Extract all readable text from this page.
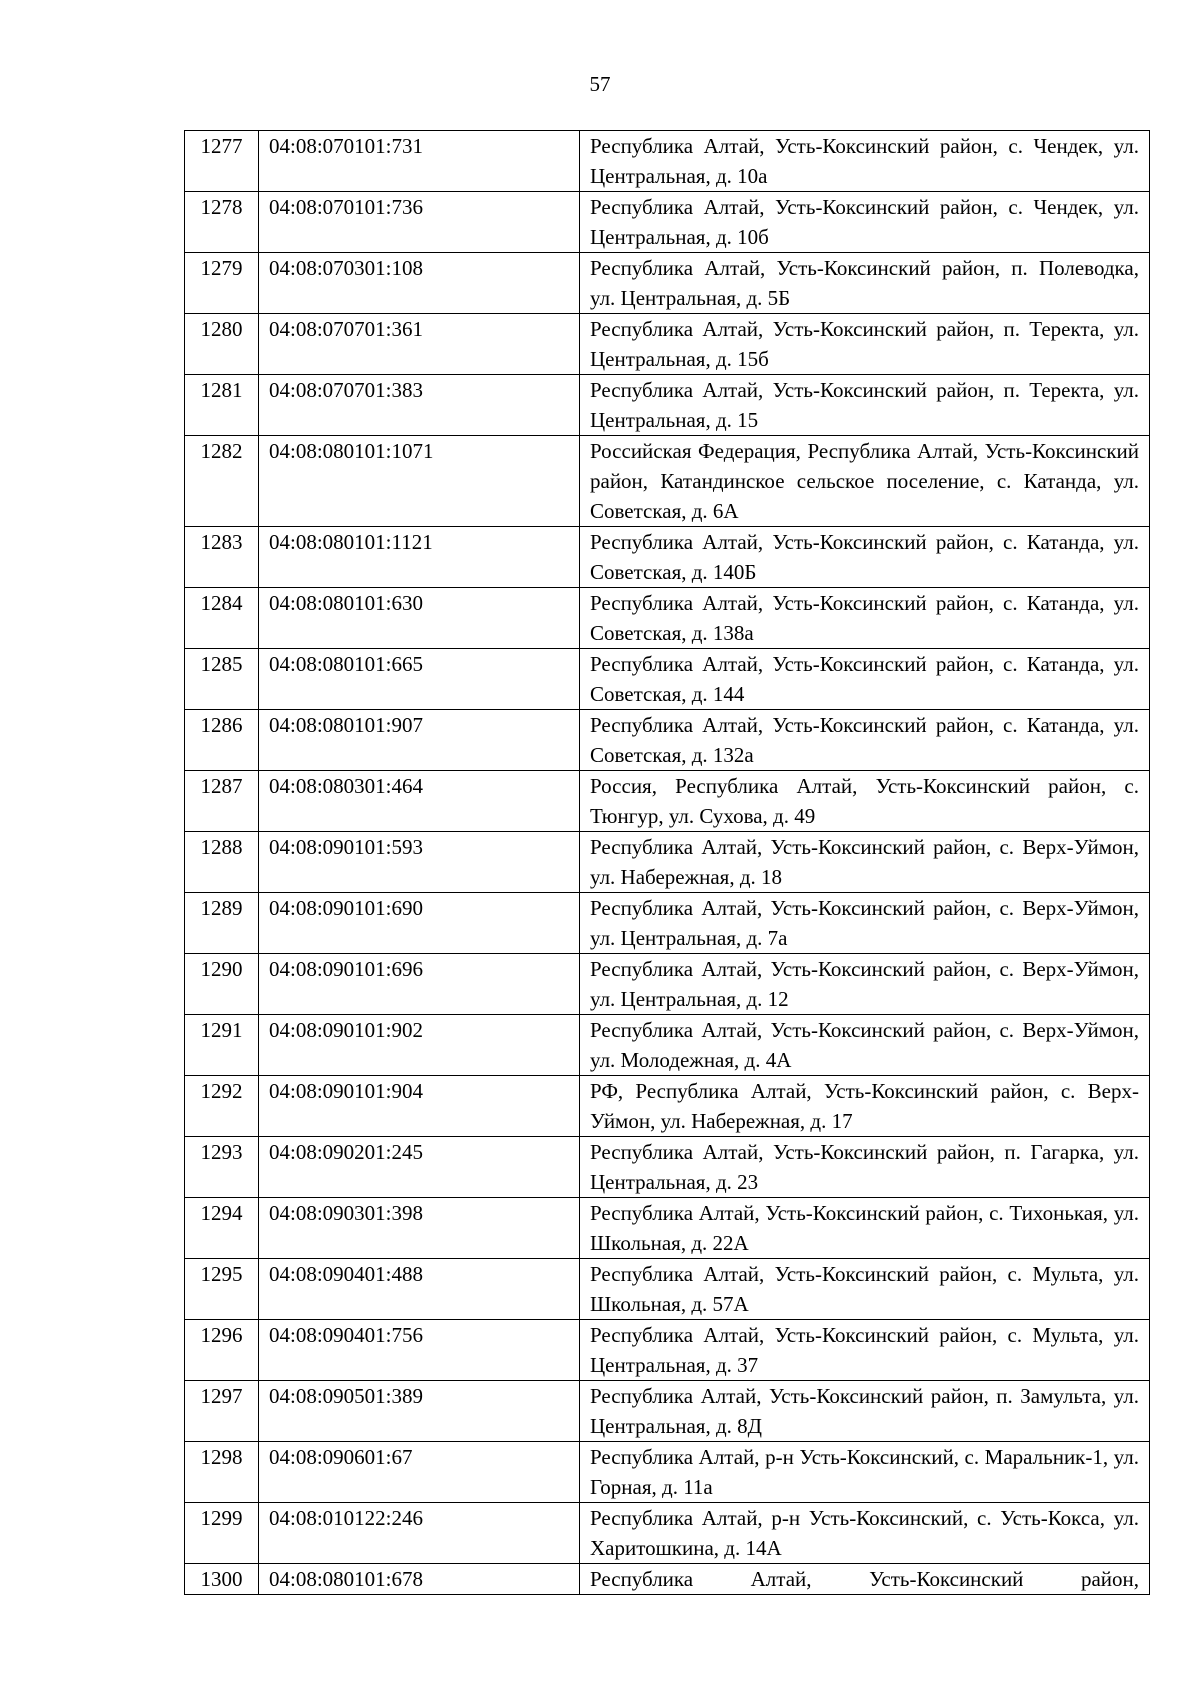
57
1277	04:08:070101:731	Республика Алтай, Усть-Коксинский район, с. Чендек, ул. Центральная, д. 10а
1278	04:08:070101:736	Республика Алтай, Усть-Коксинский район, с. Чендек, ул. Центральная, д. 10б
1279	04:08:070301:108	Республика Алтай, Усть-Коксинский район, п. Полеводка, ул. Центральная, д. 5Б
1280	04:08:070701:361	Республика Алтай, Усть-Коксинский район, п. Теректа, ул. Центральная, д. 15б
1281	04:08:070701:383	Республика Алтай, Усть-Коксинский район, п. Теректа, ул. Центральная, д. 15
1282	04:08:080101:1071	Российская Федерация, Республика Алтай, Усть-Коксинский район, Катандинское сельское поселение, с. Катанда, ул. Советская, д. 6А
1283	04:08:080101:1121	Республика Алтай, Усть-Коксинский район, с. Катанда, ул. Советская, д. 140Б
1284	04:08:080101:630	Республика Алтай, Усть-Коксинский район, с. Катанда, ул. Советская, д. 138а
1285	04:08:080101:665	Республика Алтай, Усть-Коксинский район, с. Катанда, ул. Советская, д. 144
1286	04:08:080101:907	Республика Алтай, Усть-Коксинский район, с. Катанда, ул. Советская, д. 132а
1287	04:08:080301:464	Россия, Республика Алтай, Усть-Коксинский район, с. Тюнгур, ул. Сухова, д. 49
1288	04:08:090101:593	Республика Алтай, Усть-Коксинский район, с. Верх-Уймон, ул. Набережная, д. 18
1289	04:08:090101:690	Республика Алтай, Усть-Коксинский район, с. Верх-Уймон, ул. Центральная, д. 7а
1290	04:08:090101:696	Республика Алтай, Усть-Коксинский район, с. Верх-Уймон, ул. Центральная, д. 12
1291	04:08:090101:902	Республика Алтай, Усть-Коксинский район, с. Верх-Уймон, ул. Молодежная, д. 4А
1292	04:08:090101:904	РФ, Республика Алтай, Усть-Коксинский район, с. Верх-Уймон, ул. Набережная, д. 17
1293	04:08:090201:245	Республика Алтай, Усть-Коксинский район, п. Гагарка, ул. Центральная, д. 23
1294	04:08:090301:398	Республика Алтай, Усть-Коксинский район, с. Тихонькая, ул. Школьная, д. 22А
1295	04:08:090401:488	Республика Алтай, Усть-Коксинский район, с. Мульта, ул. Школьная, д. 57А
1296	04:08:090401:756	Республика Алтай, Усть-Коксинский район, с. Мульта, ул. Центральная, д. 37
1297	04:08:090501:389	Республика Алтай, Усть-Коксинский район, п. Замульта, ул. Центральная, д. 8Д
1298	04:08:090601:67	Республика Алтай, р-н Усть-Коксинский, с. Маральник-1, ул. Горная, д. 11а
1299	04:08:010122:246	Республика Алтай, р-н Усть-Коксинский, с. Усть-Кокса, ул. Харитошкина, д. 14А
1300	04:08:080101:678	Республика Алтай, Усть-Коксинский район,
